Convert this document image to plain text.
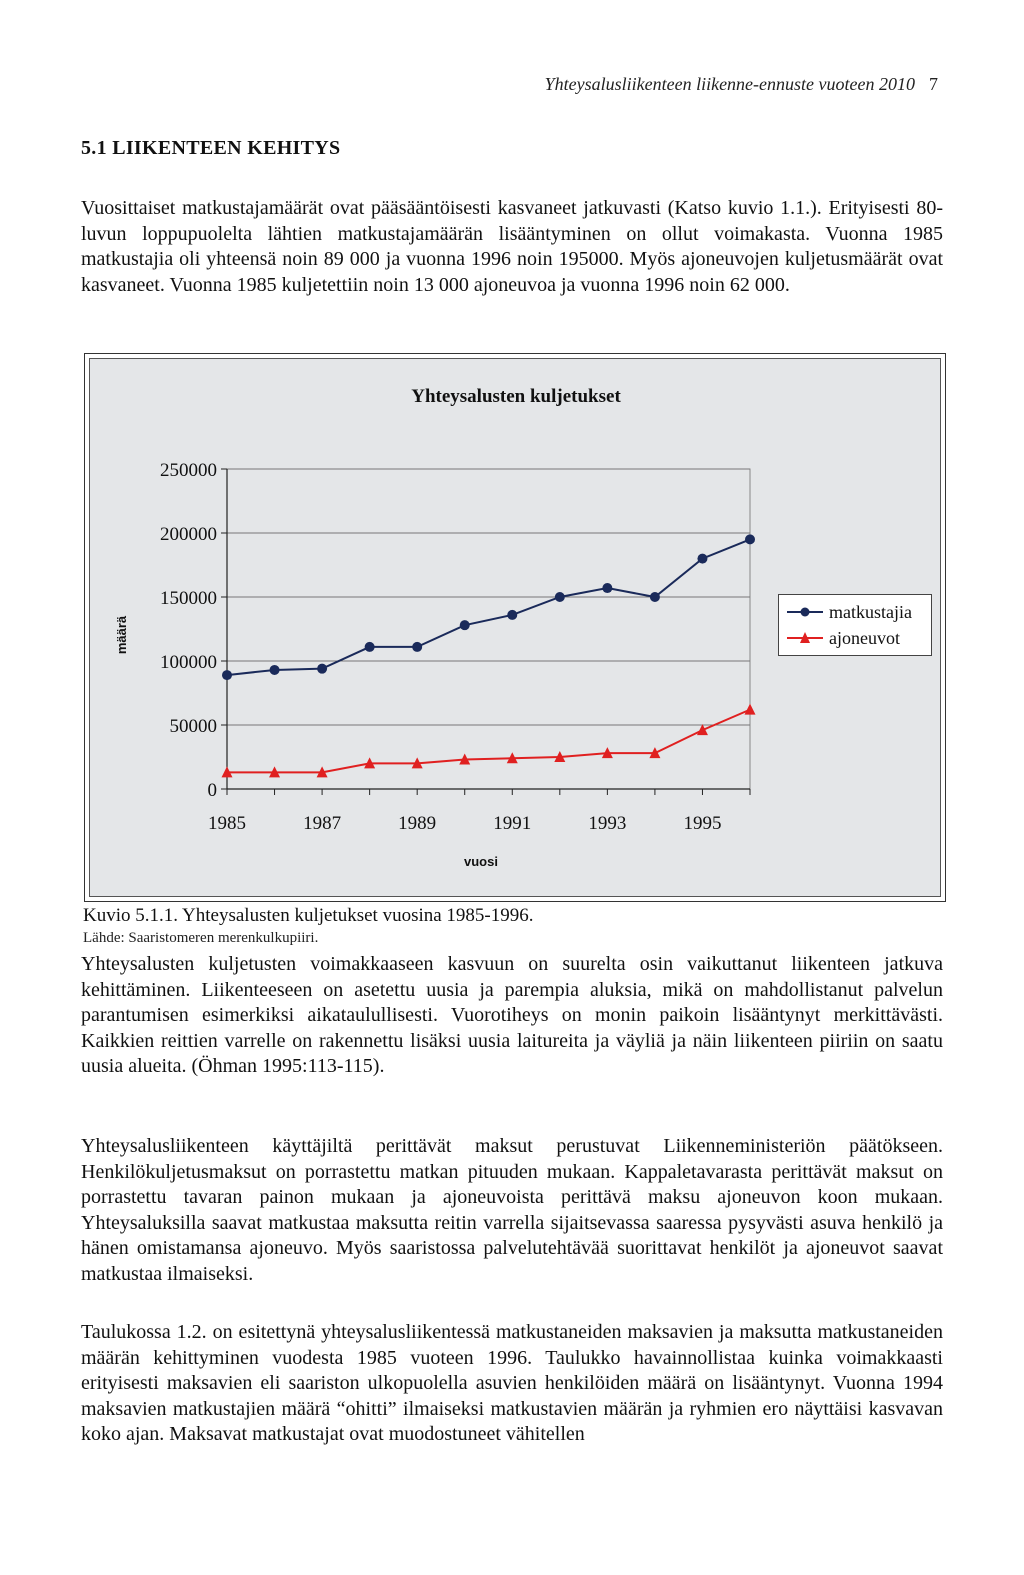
Yhteysalusliikenteen liikenne-ennuste vuoteen 2010 7
5.1 LIIKENTEEN KEHITYS

Vuosittaiset matkustajamäärät ovat pääsääntöisesti kasvaneet jatkuvasti (Katso kuvio 1.1.). Erityisesti 80-luvun loppupuolelta lähtien matkustajamäärän lisääntyminen on ollut voimakasta. Vuonna 1985 matkustajia oli yhteensä noin 89 000 ja vuonna 1996 noin 195000. Myös ajoneuvojen kuljetusmäärät ovat kasvaneet. Vuonna 1985 kuljetettiin noin 13 000 ajoneuvoa ja vuonna 1996 noin 62 000.

Yhteysalusten kuljetukset
0
50000
100000
150000
200000
250000
1985	1987	1989	1991	1993	1995
vuosi
määrä
matkustajia
ajoneuvot
Kuvio 5.1.1. Yhteysalusten kuljetukset vuosina 1985-1996.
Lähde: Saaristomeren merenkulkupiiri.

Yhteysalusten kuljetusten voimakkaaseen kasvuun on suurelta osin vaikuttanut liikenteen jatkuva kehittäminen. Liikenteeseen on asetettu uusia ja parempia aluksia, mikä on mahdollistanut palvelun parantumisen esimerkiksi aikataulullisesti. Vuorotiheys on monin paikoin lisääntynyt merkittävästi. Kaikkien reittien varrelle on rakennettu lisäksi uusia laitureita ja väyliä ja näin liikenteen piiriin on saatu uusia alueita. (Öhman 1995:113-115).

Yhteysalusliikenteen käyttäjiltä perittävät maksut perustuvat Liikenneministeriön päätökseen. Henkilökuljetusmaksut on porrastettu matkan pituuden mukaan. Kappaletavarasta perittävät maksut on porrastettu tavaran painon mukaan ja ajoneuvoista perittävä maksu ajoneuvon koon mukaan. Yhteysaluksilla saavat matkustaa maksutta reitin varrella sijaitsevassa saaressa pysyvästi asuva henkilö ja hänen omistamansa ajoneuvo. Myös saaristossa palvelutehtävää suorittavat henkilöt ja ajoneuvot saavat matkustaa ilmaiseksi.

Taulukossa 1.2. on esitettynä yhteysalusliikentessä matkustaneiden maksavien ja maksutta matkustaneiden määrän kehittyminen vuodesta 1985 vuoteen 1996. Taulukko havainnollistaa kuinka voimakkaasti erityisesti maksavien eli saariston ulkopuolella asuvien henkilöiden määrä on lisääntynyt. Vuonna 1994 maksavien matkustajien määrä “ohitti” ilmaiseksi matkustavien määrän ja ryhmien ero näyttäisi kasvavan koko ajan. Maksavat matkustajat ovat muodostuneet vähitellen
